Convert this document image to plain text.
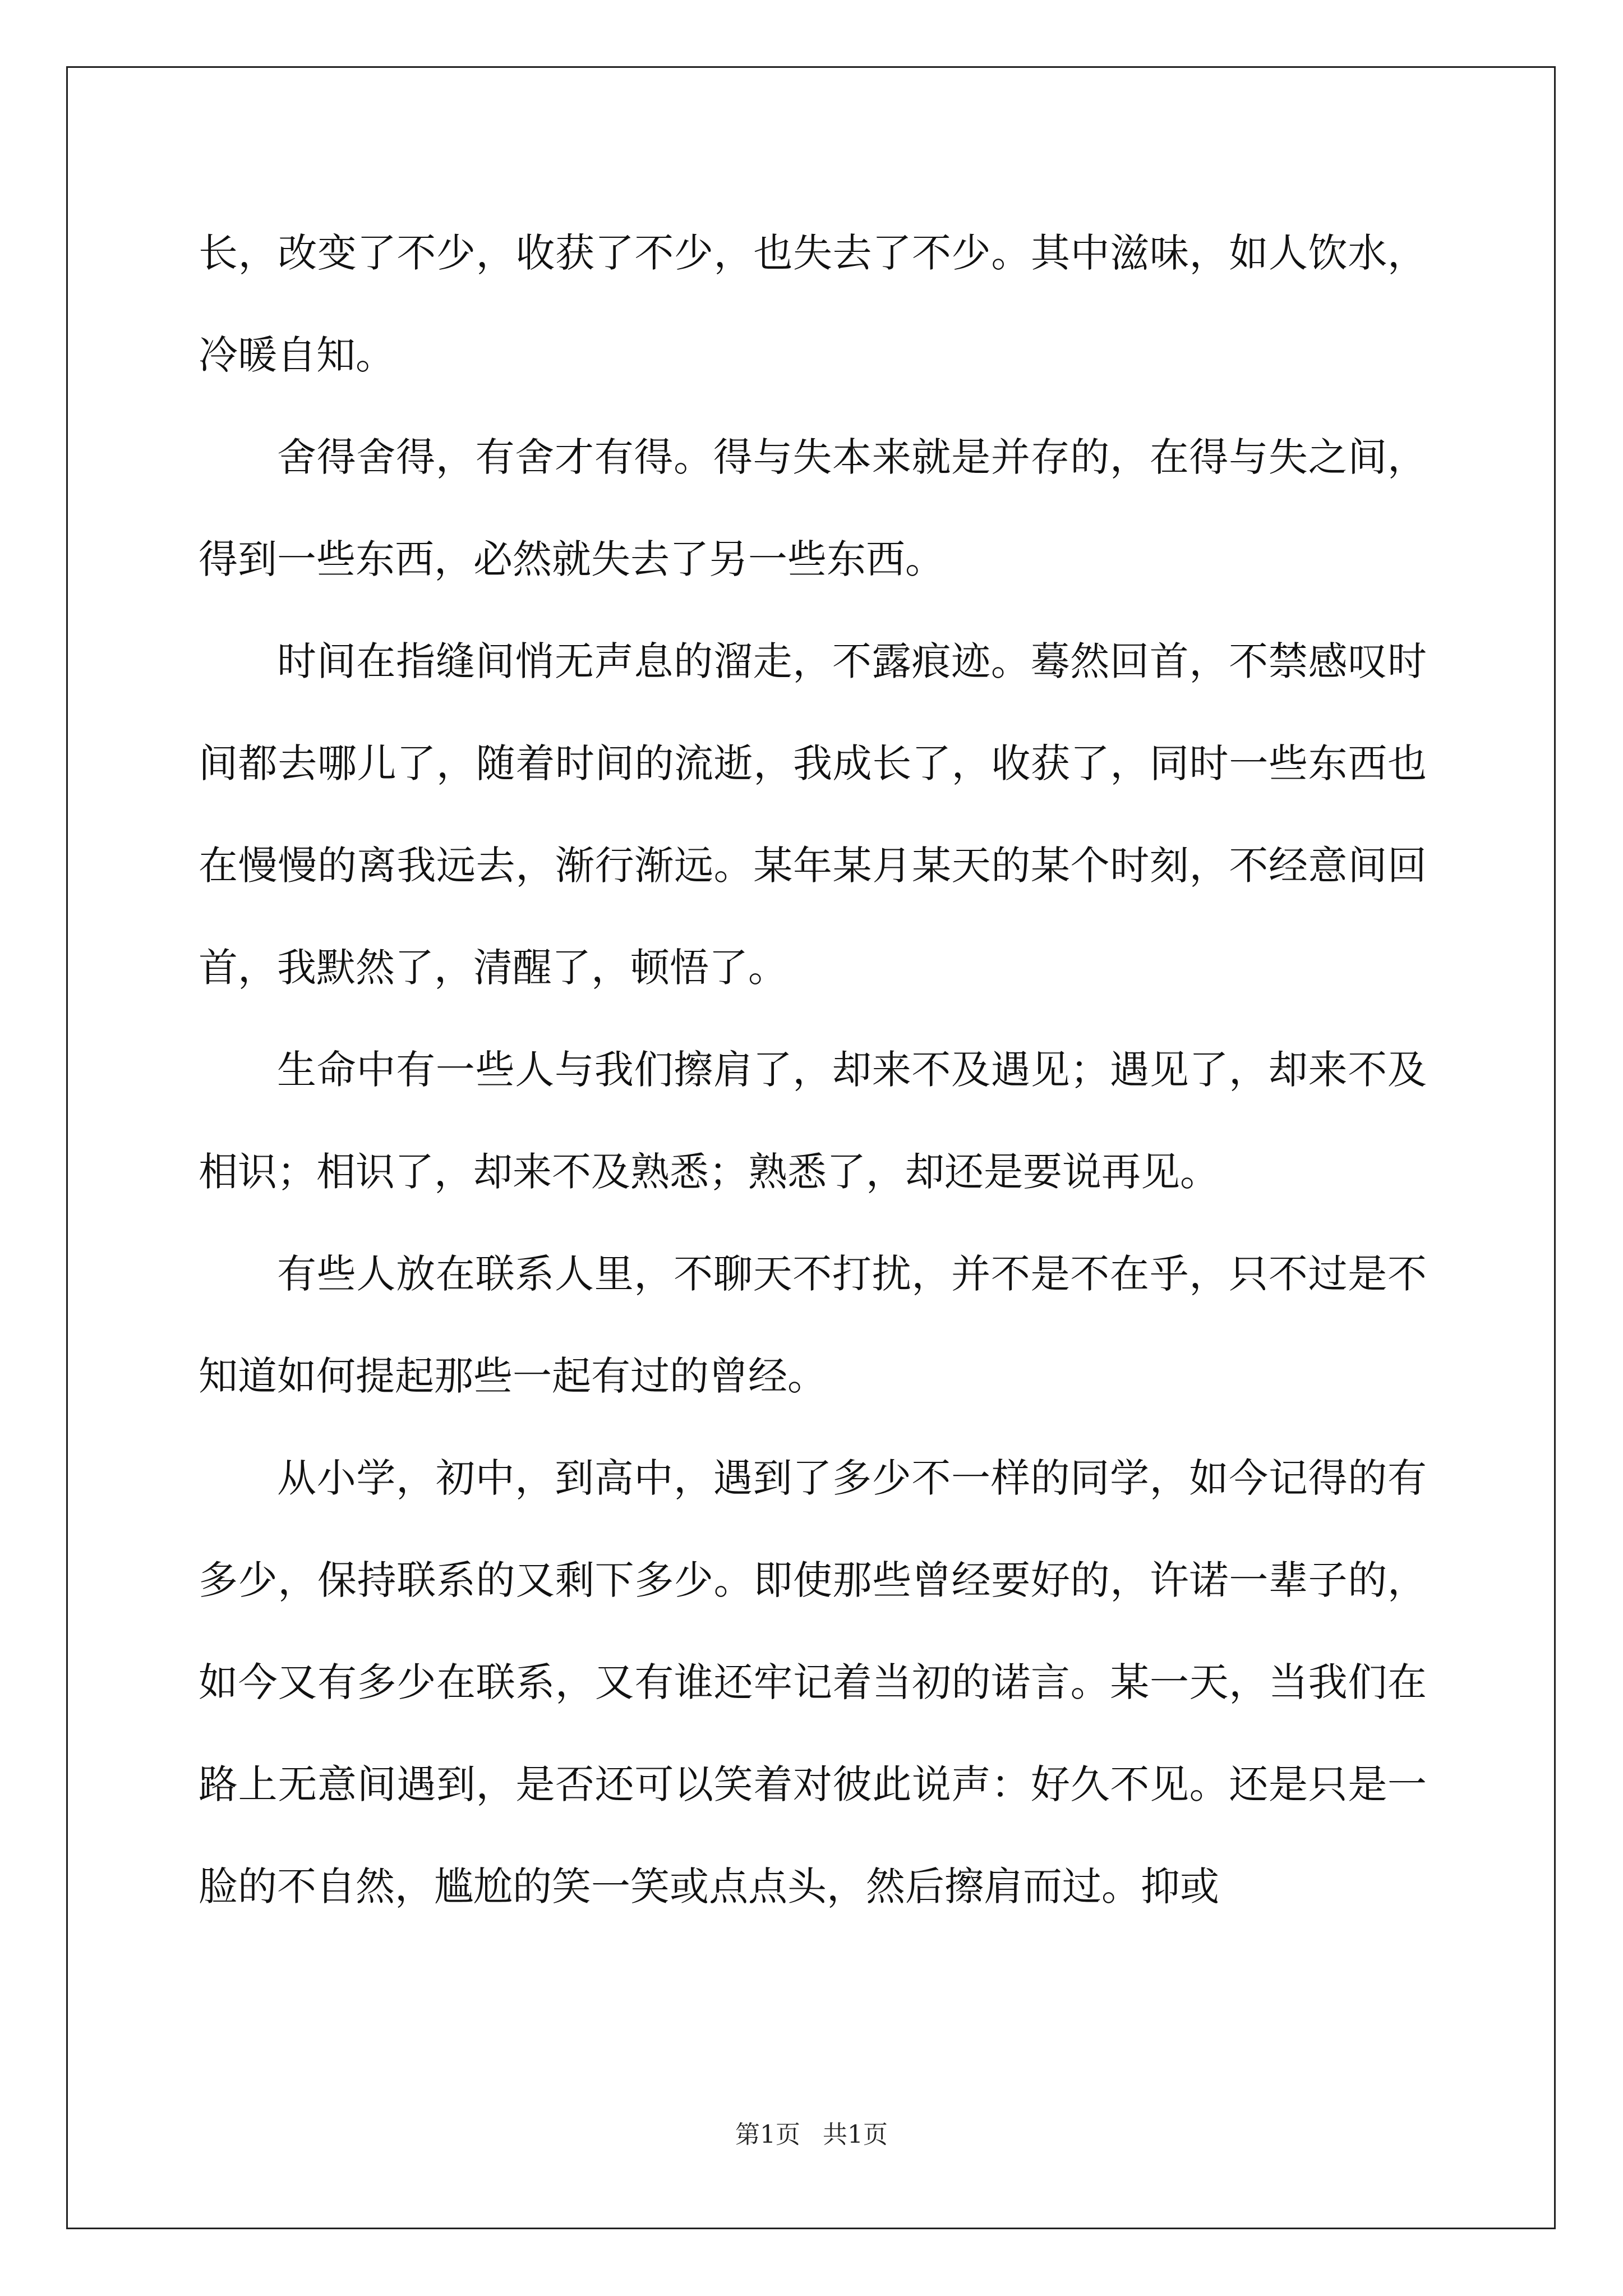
长，改变了不少，收获了不少，也失去了不少。其中滋味，如人饮水，冷暖自知。

舍得舍得，有舍才有得。得与失本来就是并存的，在得与失之间，得到一些东西，必然就失去了另一些东西。

时间在指缝间悄无声息的溜走，不露痕迹。蓦然回首，不禁感叹时间都去哪儿了，随着时间的流逝，我成长了，收获了，同时一些东西也在慢慢的离我远去，渐行渐远。某年某月某天的某个时刻，不经意间回首，我默然了，清醒了，顿悟了。

生命中有一些人与我们擦肩了，却来不及遇见；遇见了，却来不及相识；相识了，却来不及熟悉；熟悉了，却还是要说再见。

有些人放在联系人里，不聊天不打扰，并不是不在乎，只不过是不知道如何提起那些一起有过的曾经。

从小学，初中，到高中，遇到了多少不一样的同学，如今记得的有多少，保持联系的又剩下多少。即使那些曾经要好的，许诺一辈子的，如今又有多少在联系，又有谁还牢记着当初的诺言。某一天，当我们在路上无意间遇到，是否还可以笑着对彼此说声：好久不见。还是只是一脸的不自然，尴尬的笑一笑或点点头，然后擦肩而过。抑或

第1页 共1页
